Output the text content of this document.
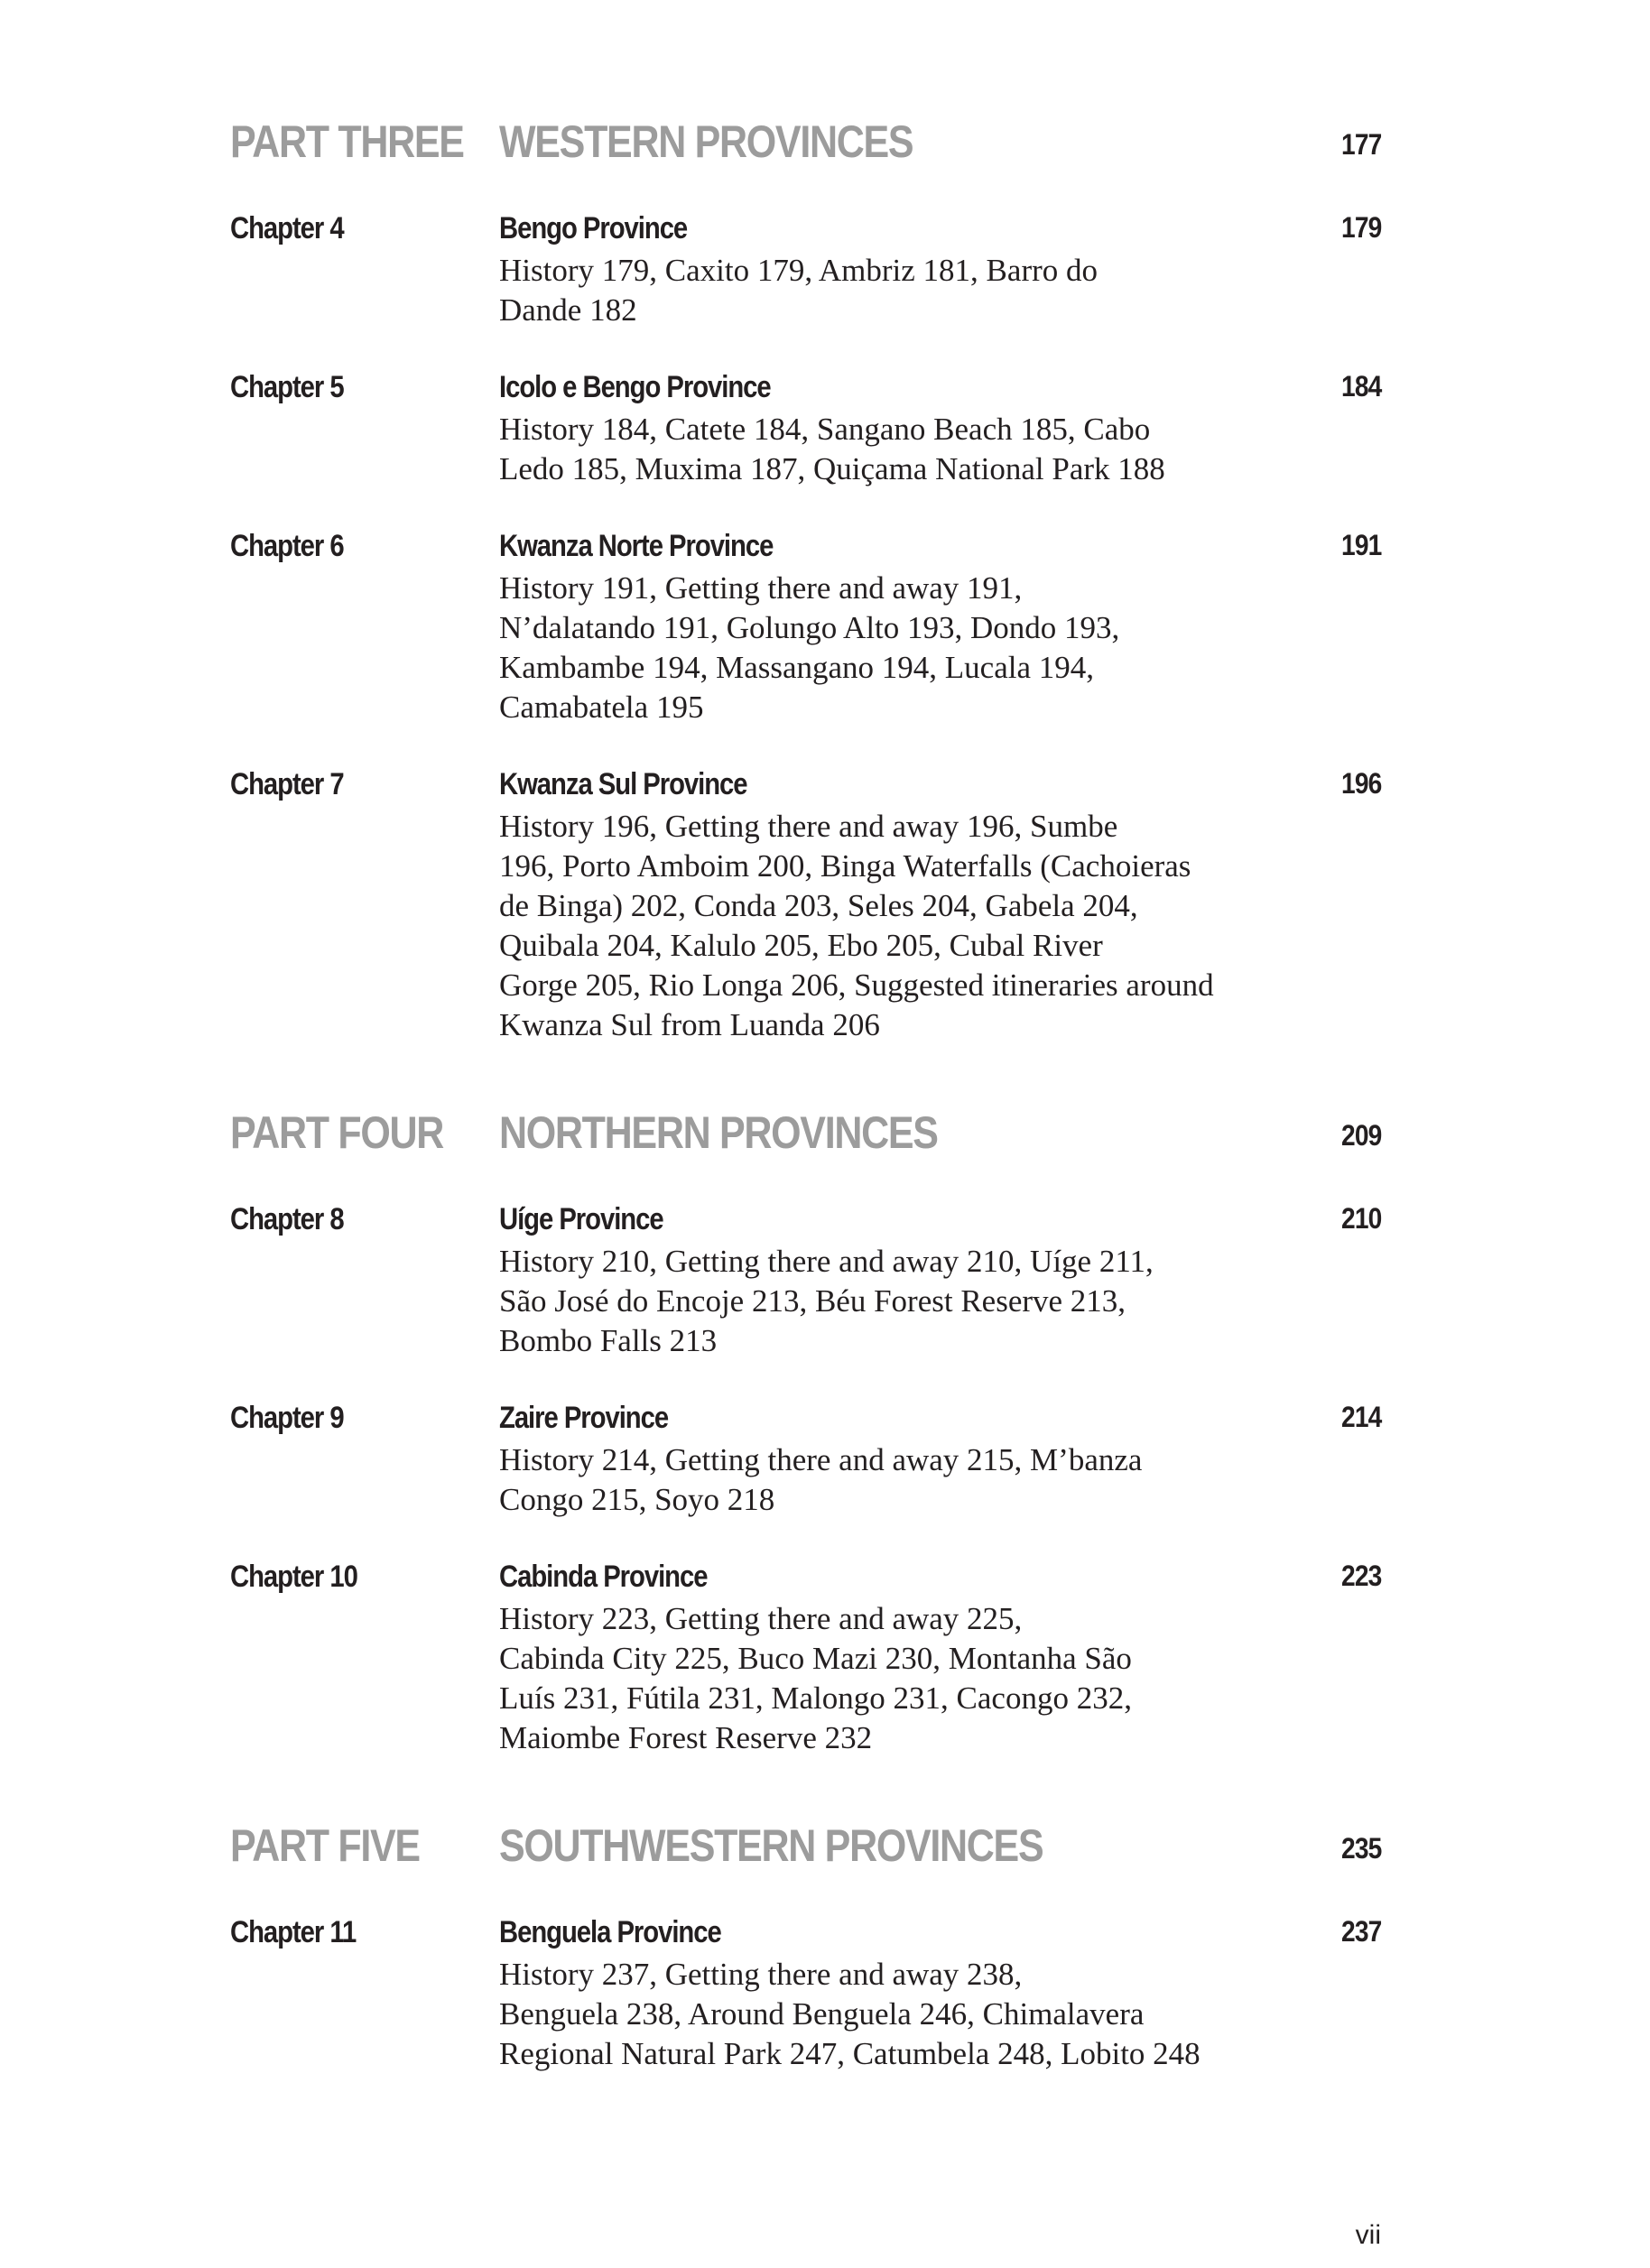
PART THREE WESTERN PROVINCES	177
Chapter 4	Bengo Province	179
History 179, Caxito 179, Ambriz 181, Barro do
Dande 182
Chapter 5	Icolo e Bengo Province	184
History 184, Catete 184, Sangano Beach 185, Cabo
Ledo 185, Muxima 187, Quiçama National Park 188
Chapter 6	Kwanza Norte Province	191
History 191, Getting there and away 191,
N’dalatando 191, Golungo Alto 193, Dondo 193,
Kambambe 194, Massangano 194, Lucala 194,
Camabatela 195
Chapter 7	Kwanza Sul Province	196
History 196, Getting there and away 196, Sumbe
196, Porto Amboim 200, Binga Waterfalls (Cachoieras
de Binga) 202, Conda 203, Seles 204, Gabela 204,
Quibala 204, Kalulo 205, Ebo 205, Cubal River
Gorge 205, Rio Longa 206, Suggested itineraries around
Kwanza Sul from Luanda 206
PART FOUR NORTHERN PROVINCES	209
Chapter 8	Uíge Province	210
History 210, Getting there and away 210, Uíge 211,
São José do Encoje 213, Béu Forest Reserve 213,
Bombo Falls 213
Chapter 9	Zaire Province	214
History 214, Getting there and away 215, M’banza
Congo 215, Soyo 218
Chapter 10	Cabinda Province	223
History 223, Getting there and away 225,
Cabinda City 225, Buco Mazi 230, Montanha São
Luís 231, Fútila 231, Malongo 231, Cacongo 232,
Maiombe Forest Reserve 232
PART FIVE SOUTHWESTERN PROVINCES	235
Chapter 11	Benguela Province	237
History 237, Getting there and away 238,
Benguela 238, Around Benguela 246, Chimalavera
Regional Natural Park 247, Catumbela 248, Lobito 248
vii
